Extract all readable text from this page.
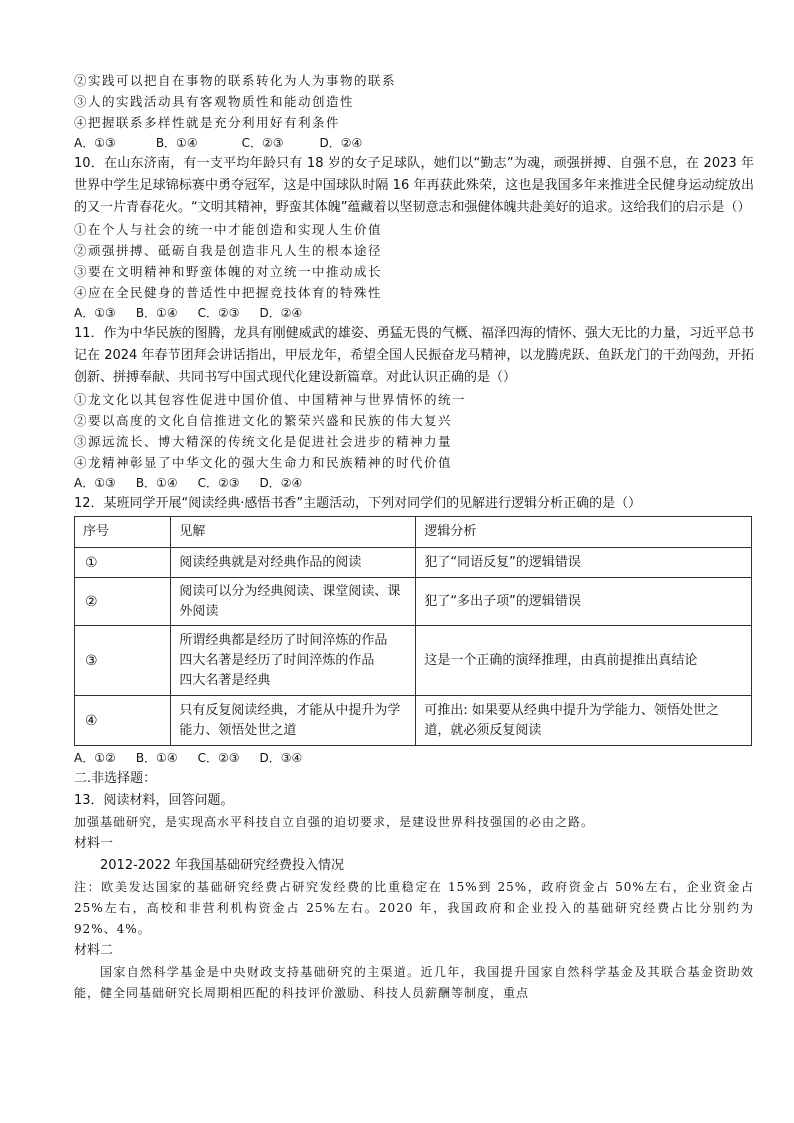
②实践可以把自在事物的联系转化为人为事物的联系
③人的实践活动具有客观物质性和能动创造性
④把握联系多样性就是充分利用好有利条件
A．①③	B．①④	C．②③	D．②④
10．在山东济南，有一支平均年龄只有 18 岁的女子足球队，她们以“勤志”为魂，顽强拼搏、自强不息，在 2023 年世界中学生足球锦标赛中勇夺冠军，这是中国球队时隔 16 年再获此殊荣，这也是我国多年来推进全民健身运动绽放出的又一片青春花火。“文明其精神，野蛮其体魄”蕴藏着以坚韧意志和强健体魄共赴美好的追求。这给我们的启示是（）
①在个人与社会的统一中才能创造和实现人生价值
②顽强拼搏、砥砺自我是创造非凡人生的根本途径
③要在文明精神和野蛮体魄的对立统一中推动成长
④应在全民健身的普适性中把握竞技体育的特殊性
A．①③ B．①④ C．②③ D．②④
11．作为中华民族的图腾，龙具有刚健威武的雄姿、勇猛无畏的气概、福泽四海的情怀、强大无比的力量，习近平总书记在 2024 年春节团拜会讲话指出，甲辰龙年，希望全国人民振奋龙马精神，以龙腾虎跃、鱼跃龙门的干劲闯劲，开拓创新、拼搏奉献、共同书写中国式现代化建设新篇章。对此认识正确的是（）
①龙文化以其包容性促进中国价值、中国精神与世界情怀的统一
②要以高度的文化自信推进文化的繁荣兴盛和民族的伟大复兴
③源远流长、博大精深的传统文化是促进社会进步的精神力量
④龙精神彰显了中华文化的强大生命力和民族精神的时代价值
A．①③ B．①④ C．②③ D．②④
12．某班同学开展“阅读经典·感悟书香”主题活动，下列对同学们的见解进行逻辑分析正确的是（）
序号	见解	逻辑分析
①	阅读经典就是对经典作品的阅读	犯了“同语反复”的逻辑错误
②	阅读可以分为经典阅读、课堂阅读、课外阅读	犯了“多出子项”的逻辑错误
③	所谓经典都是经历了时间淬炼的作品
四大名著是经历了时间淬炼的作品
四大名著是经典	这是一个正确的演绎推理，由真前提推出真结论
④	只有反复阅读经典，才能从中提升为学能力、领悟处世之道	可推出: 如果要从经典中提升为学能力、领悟处世之道，就必须反复阅读
A．①② B．①④ C．②③ D．③④
二.非选择题：
13．阅读材料，回答问题。
加强基础研究，是实现高水平科技自立自强的迫切要求，是建设世界科技强国的必由之路。
材料一
2012-2022 年我国基础研究经费投入情况
注：欧美发达国家的基础研究经费占研究发经费的比重稳定在 15%到 25%，政府资金占 50%左右，企业资金占 25%左右，高校和非营利机构资金占 25%左右。2020 年，我国政府和企业投入的基础研究经费占比分别约为 92%、4%。
材料二
国家自然科学基金是中央财政支持基础研究的主渠道。近几年，我国提升国家自然科学基金及其联合基金资助效能，健全同基础研究长周期相匹配的科技评价激励、科技人员薪酬等制度，重点
